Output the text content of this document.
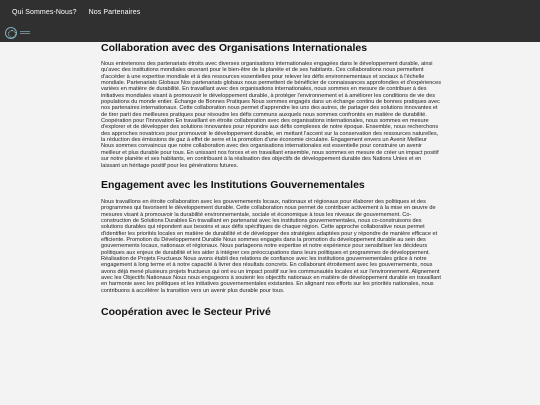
Qui Sommes-Nous? Nos Partenaires
Collaboration avec des Organisations Internationales

Nous entretenons des partenariats étroits avec diverses organisations internationales engagées dans le développement durable, ainsi qu'avec des institutions mondiales œuvrant pour le bien-être de la planète et de ses habitants. Ces collaborations nous permettent d'accéder à une expertise mondiale et à des ressources essentielles pour relever les défis environnementaux et sociaux à l'échelle mondiale. Partenariats Globaux Nos partenariats globaux nous permettent de bénéficier de connaissances approfondies et d'expériences variées en matière de durabilité. En travaillant avec des organisations internationales, nous sommes en mesure de contribuer à des initiatives mondiales visant à promouvoir le développement durable, à protéger l'environnement et à améliorer les conditions de vie des populations du monde entier. Échange de Bonnes Pratiques Nous sommes engagés dans un échange continu de bonnes pratiques avec nos partenaires internationaux. Cette collaboration nous permet d'apprendre les uns des autres, de partager des solutions innovantes et de tirer parti des meilleures pratiques pour résoudre les défis communs auxquels nous sommes confrontés en matière de durabilité. Coopération pour l'Innovation En travaillant en étroite collaboration avec des organisations internationales, nous sommes en mesure d'explorer et de développer des solutions innovantes pour répondre aux défis complexes de notre époque. Ensemble, nous recherchons des approches novatrices pour promouvoir le développement durable, en mettant l'accent sur la conservation des ressources naturelles, la réduction des émissions de gaz à effet de serre et la promotion d'une économie circulaire. Engagement envers un Avenir Meilleur Nous sommes convaincus que notre collaboration avec des organisations internationales est essentielle pour construire un avenir meilleur et plus durable pour tous. En unissant nos forces et en travaillant ensemble, nous sommes en mesure de créer un impact positif sur notre planète et ses habitants, en contribuant à la réalisation des objectifs de développement durable des Nations Unies et en laissant un héritage positif pour les générations futures.

Engagement avec les Institutions Gouvernementales

Nous travaillons en étroite collaboration avec les gouvernements locaux, nationaux et régionaux pour élaborer des politiques et des programmes qui favorisent le développement durable. Cette collaboration nous permet de contribuer activement à la mise en œuvre de mesures visant à promouvoir la durabilité environnementale, sociale et économique à tous les niveaux de gouvernement. Co-construction de Solutions Durables En travaillant en partenariat avec les institutions gouvernementales, nous co-construisons des solutions durables qui répondent aux besoins et aux défis spécifiques de chaque région. Cette approche collaborative nous permet d'identifier les priorités locales en matière de durabilité et de développer des stratégies adaptées pour y répondre de manière efficace et efficiente. Promotion du Développement Durable Nous sommes engagés dans la promotion du développement durable au sein des gouvernements locaux, nationaux et régionaux. Nous partageons notre expertise et notre expérience pour sensibiliser les décideurs politiques aux enjeux de durabilité et les aider à intégrer ces préoccupations dans leurs politiques et programmes de développement. Réalisation de Projets Fructueux Nous avons établi des relations de confiance avec les institutions gouvernementales grâce à notre engagement à long terme et à notre capacité à livrer des résultats concrets. En collaborant étroitement avec les gouvernements, nous avons déjà mené plusieurs projets fructueux qui ont eu un impact positif sur les communautés locales et sur l'environnement. Alignement avec les Objectifs Nationaux Nous nous engageons à soutenir les objectifs nationaux en matière de développement durable en travaillant en harmonie avec les politiques et les initiatives gouvernementales existantes. En alignant nos efforts sur les priorités nationales, nous contribuons à accélérer la transition vers un avenir plus durable pour tous.

Coopération avec le Secteur Privé
